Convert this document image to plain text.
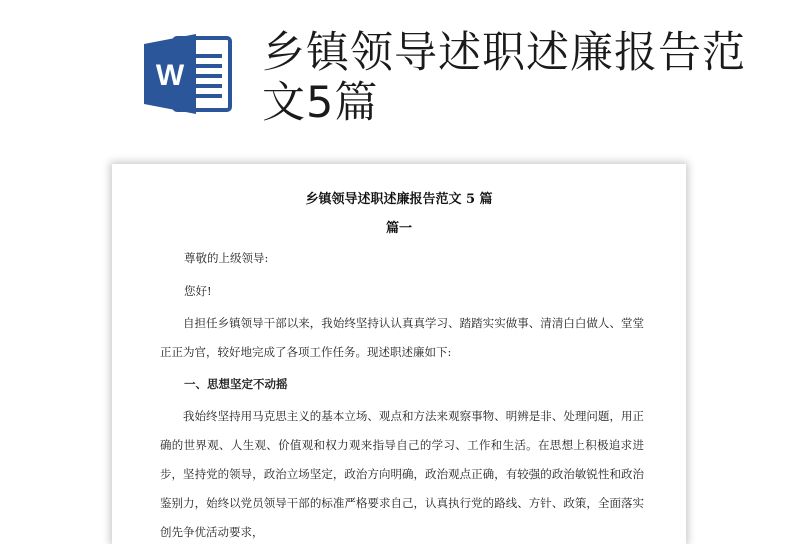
W 乡镇领导述职述廉报告范文5篇
乡镇领导述职述廉报告范文 5 篇
篇一

尊敬的上级领导:

您好!

自担任乡镇领导干部以来，我始终坚持认认真真学习、踏踏实实做事、清清白白做人、堂堂正正为官，较好地完成了各项工作任务。现述职述廉如下:

一、思想坚定不动摇

我始终坚持用马克思主义的基本立场、观点和方法来观察事物、明辨是非、处理问题，用正确的世界观、人生观、价值观和权力观来指导自己的学习、工作和生活。在思想上积极追求进步，坚持党的领导，政治立场坚定，政治方向明确，政治观点正确，有较强的政治敏锐性和政治鉴别力，始终以党员领导干部的标准严格要求自己，认真执行党的路线、方针、政策，全面落实创先争优活动要求，
